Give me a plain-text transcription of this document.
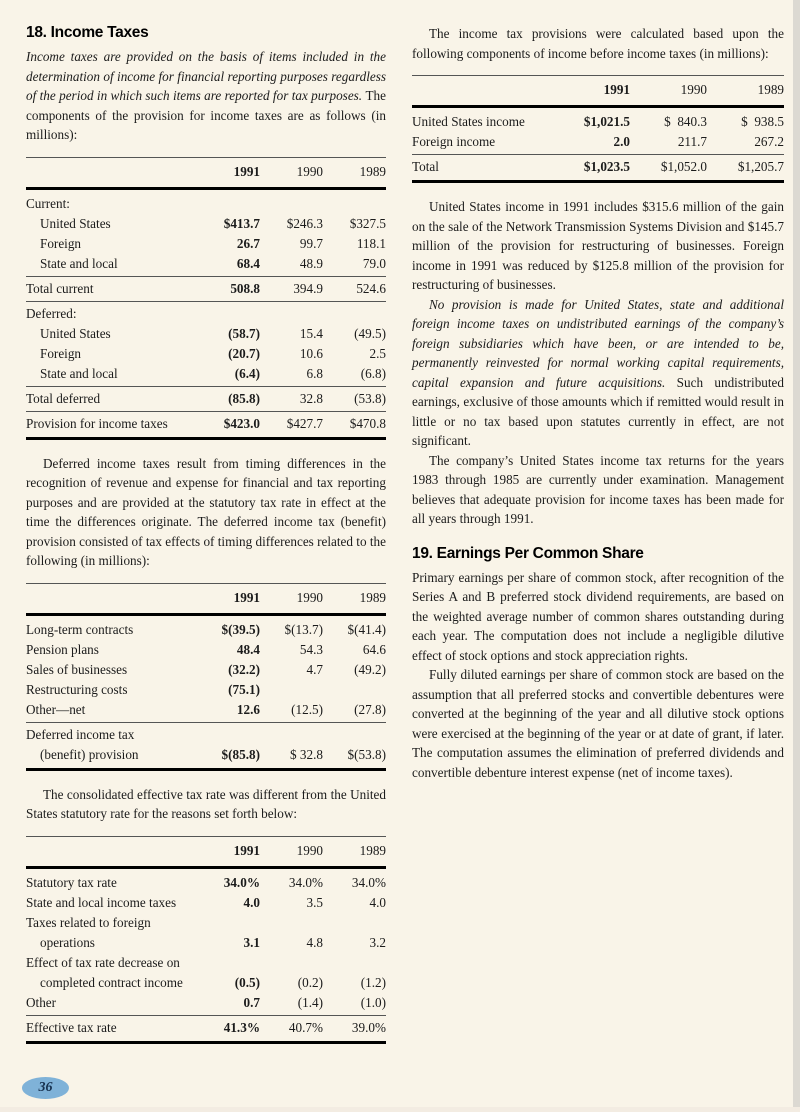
18. Income Taxes

Income taxes are provided on the basis of items included in the determination of income for financial reporting purposes regardless of the period in which such items are reported for tax purposes. The components of the provision for income taxes are as follows (in millions):

1991	1990	1989
Current:
United States	$413.7	$246.3	$327.5
Foreign	26.7	99.7	118.1
State and local	68.4	48.9	79.0
Total current	508.8	394.9	524.6
Deferred:
United States	(58.7)	15.4	(49.5)
Foreign	(20.7)	10.6	2.5
State and local	(6.4)	6.8	(6.8)
Total deferred	(85.8)	32.8	(53.8)
Provision for income taxes	$423.0	$427.7	$470.8

Deferred income taxes result from timing differences in the recognition of revenue and expense for financial and tax reporting purposes and are provided at the statutory tax rate in effect at the time the differences originate. The deferred income tax (benefit) provision consisted of tax effects of timing differences related to the following (in millions):

1991	1990	1989
Long-term contracts	$(39.5)	$(13.7)	$(41.4)
Pension plans	48.4	54.3	64.6
Sales of businesses	(32.2)	4.7	(49.2)
Restructuring costs	(75.1)
Other—net	12.6	(12.5)	(27.8)
Deferred income tax
(benefit) provision	$(85.8)	$ 32.8	$(53.8)

The consolidated effective tax rate was different from the United States statutory rate for the reasons set forth below:

1991	1990	1989
Statutory tax rate	34.0%	34.0%	34.0%
State and local income taxes	4.0	3.5	4.0
Taxes related to foreign
operations	3.1	4.8	3.2
Effect of tax rate decrease on
completed contract income	(0.5)	(0.2)	(1.2)
Other	0.7	(1.4)	(1.0)
Effective tax rate	41.3%	40.7%	39.0%

The income tax provisions were calculated based upon the following components of income before income taxes (in millions):

1991	1990	1989
United States income	$1,021.5	$  840.3	$  938.5
Foreign income	2.0	211.7	267.2
Total	$1,023.5	$1,052.0	$1,205.7

United States income in 1991 includes $315.6 million of the gain on the sale of the Network Transmission Systems Division and $145.7 million of the provision for restructuring of businesses. Foreign income in 1991 was reduced by $125.8 million of the provision for restructuring of businesses.

No provision is made for United States, state and additional foreign income taxes on undistributed earnings of the company’s foreign subsidiaries which have been, or are intended to be, permanently reinvested for normal working capital requirements, capital expansion and future acquisitions. Such undistributed earnings, exclusive of those amounts which if remitted would result in little or no tax based upon statutes currently in effect, are not significant.

The company’s United States income tax returns for the years 1983 through 1985 are currently under examination. Management believes that adequate provision for income taxes has been made for all years through 1991.

19. Earnings Per Common Share

Primary earnings per share of common stock, after recognition of the Series A and B preferred stock dividend requirements, are based on the weighted average number of common shares outstanding during each year. The computation does not include a negligible dilutive effect of stock options and stock appreciation rights.

Fully diluted earnings per share of common stock are based on the assumption that all preferred stocks and convertible debentures were converted at the beginning of the year and all dilutive stock options were exercised at the beginning of the year or at date of grant, if later. The computation assumes the elimination of preferred dividends and convertible debenture interest expense (net of income taxes).

36
